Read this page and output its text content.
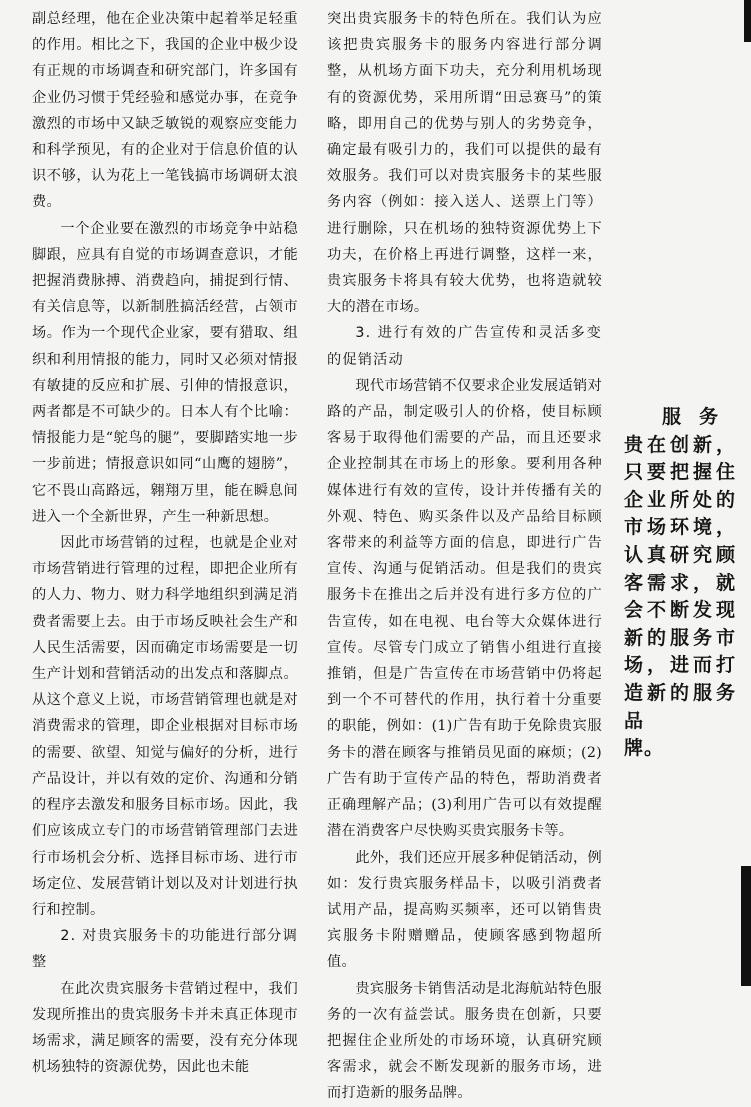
副总经理，他在企业决策中起着举足轻重的作用。相比之下，我国的企业中极少设有正规的市场调查和研究部门，许多国有企业仍习惯于凭经验和感觉办事，在竞争激烈的市场中又缺乏敏锐的观察应变能力和科学预见，有的企业对于信息价值的认识不够，认为花上一笔钱搞市场调研太浪费。

一个企业要在激烈的市场竞争中站稳脚跟，应具有自觉的市场调查意识，才能把握消费脉搏、消费趋向，捕捉到行情、有关信息等，以新制胜搞活经营，占领市场。作为一个现代企业家，要有猎取、组织和利用情报的能力，同时又必须对情报有敏捷的反应和扩展、引伸的情报意识，两者都是不可缺少的。日本人有个比喻：情报能力是“鸵鸟的腿”，要脚踏实地一步一步前进；情报意识如同“山鹰的翅膀”，它不畏山高路远，翱翔万里，能在瞬息间进入一个全新世界，产生一种新思想。

因此市场营销的过程，也就是企业对市场营销进行管理的过程，即把企业所有的人力、物力、财力科学地组织到满足消费者需要上去。由于市场反映社会生产和人民生活需要，因而确定市场需要是一切生产计划和营销活动的出发点和落脚点。从这个意义上说，市场营销管理也就是对消费需求的管理，即企业根据对目标市场的需要、欲望、知觉与偏好的分析，进行产品设计，并以有效的定价、沟通和分销的程序去激发和服务目标市场。因此，我们应该成立专门的市场营销管理部门去进行市场机会分析、选择目标市场、进行市场定位、发展营销计划以及对计划进行执行和控制。

2. 对贵宾服务卡的功能进行部分调整

在此次贵宾服务卡营销过程中，我们发现所推出的贵宾服务卡并未真正体现市场需求，满足顾客的需要，没有充分体现机场独特的资源优势，因此也未能

突出贵宾服务卡的特色所在。我们认为应该把贵宾服务卡的服务内容进行部分调整，从机场方面下功夫，充分利用机场现有的资源优势，采用所谓“田忌赛马”的策略，即用自己的优势与别人的劣势竞争，确定最有吸引力的，我们可以提供的最有效服务。我们可以对贵宾服务卡的某些服务内容（例如：接入送人、送票上门等）进行删除，只在机场的独特资源优势上下功夫，在价格上再进行调整，这样一来，贵宾服务卡将具有较大优势，也将造就较大的潜在市场。

3. 进行有效的广告宣传和灵活多变的促销活动

现代市场营销不仅要求企业发展适销对路的产品，制定吸引人的价格，使目标顾客易于取得他们需要的产品，而且还要求企业控制其在市场上的形象。要利用各种媒体进行有效的宣传，设计并传播有关的外观、特色、购买条件以及产品给目标顾客带来的利益等方面的信息，即进行广告宣传、沟通与促销活动。但是我们的贵宾服务卡在推出之后并没有进行多方位的广告宣传，如在电视、电台等大众媒体进行宣传。尽管专门成立了销售小组进行直接推销，但是广告宣传在市场营销中仍将起到一个不可替代的作用，执行着十分重要的职能，例如：(1)广告有助于免除贵宾服务卡的潜在顾客与推销员见面的麻烦；(2)广告有助于宣传产品的特色，帮助消费者正确理解产品；(3)利用广告可以有效提醒潜在消费客户尽快购买贵宾服务卡等。

此外，我们还应开展多种促销活动，例如：发行贵宾服务样品卡，以吸引消费者试用产品，提高购买频率，还可以销售贵宾服务卡附赠赠品，使顾客感到物超所值。

贵宾服务卡销售活动是北海航站特色服务的一次有益尝试。服务贵在创新，只要把握住企业所处的市场环境，认真研究顾客需求，就会不断发现新的服务市场，进而打造新的服务品牌。

服务
贵在创新，只要把握住企业所处的市场环境，认真研究顾客需求，就会不断发现新的服务市场，进而打造新的服务品
牌。
